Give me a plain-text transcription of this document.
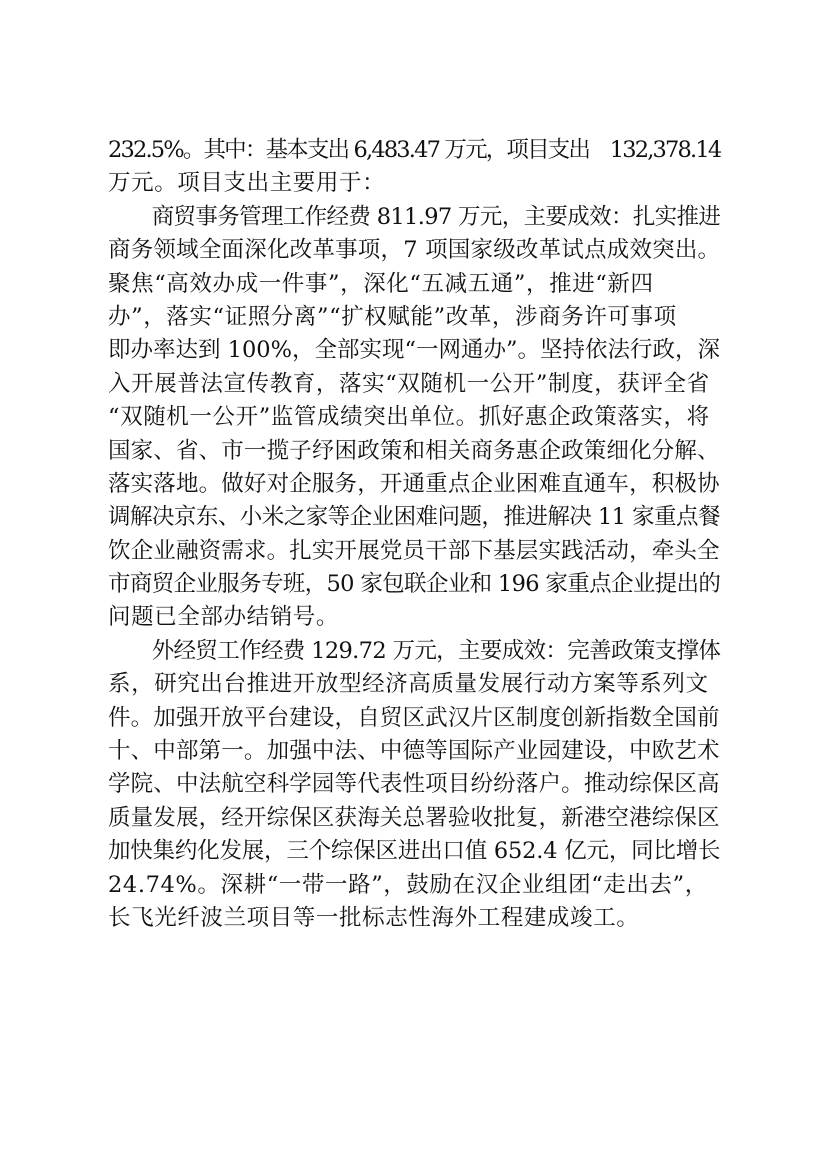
232.5%。其中：基本支出 6,483.47 万元，项目支出　132,378.14
万元。项目支出主要用于：
　　商贸事务管理工作经费 811.97 万元，主要成效：扎实推进
商务领域全面深化改革事项，7 项国家级改革试点成效突出。
聚焦“高效办成一件事”，深化“五减五通”，推进“新四
办”，落实“证照分离”“扩权赋能”改革，涉商务许可事项
即办率达到 100%，全部实现“一网通办”。坚持依法行政，深
入开展普法宣传教育，落实“双随机一公开”制度，获评全省
“双随机一公开”监管成绩突出单位。抓好惠企政策落实，将
国家、省、市一揽子纾困政策和相关商务惠企政策细化分解、
落实落地。做好对企服务，开通重点企业困难直通车，积极协
调解决京东、小米之家等企业困难问题，推进解决 11 家重点餐
饮企业融资需求。扎实开展党员干部下基层实践活动，牵头全
市商贸企业服务专班，50 家包联企业和 196 家重点企业提出的
问题已全部办结销号。
　　外经贸工作经费 129.72 万元，主要成效：完善政策支撑体
系，研究出台推进开放型经济高质量发展行动方案等系列文
件。加强开放平台建设，自贸区武汉片区制度创新指数全国前
十、中部第一。加强中法、中德等国际产业园建设，中欧艺术
学院、中法航空科学园等代表性项目纷纷落户。推动综保区高
质量发展，经开综保区获海关总署验收批复，新港空港综保区
加快集约化发展，三个综保区进出口值 652.4 亿元，同比增长
24.74%。深耕“一带一路”，鼓励在汉企业组团“走出去”，
长飞光纤波兰项目等一批标志性海外工程建成竣工。
